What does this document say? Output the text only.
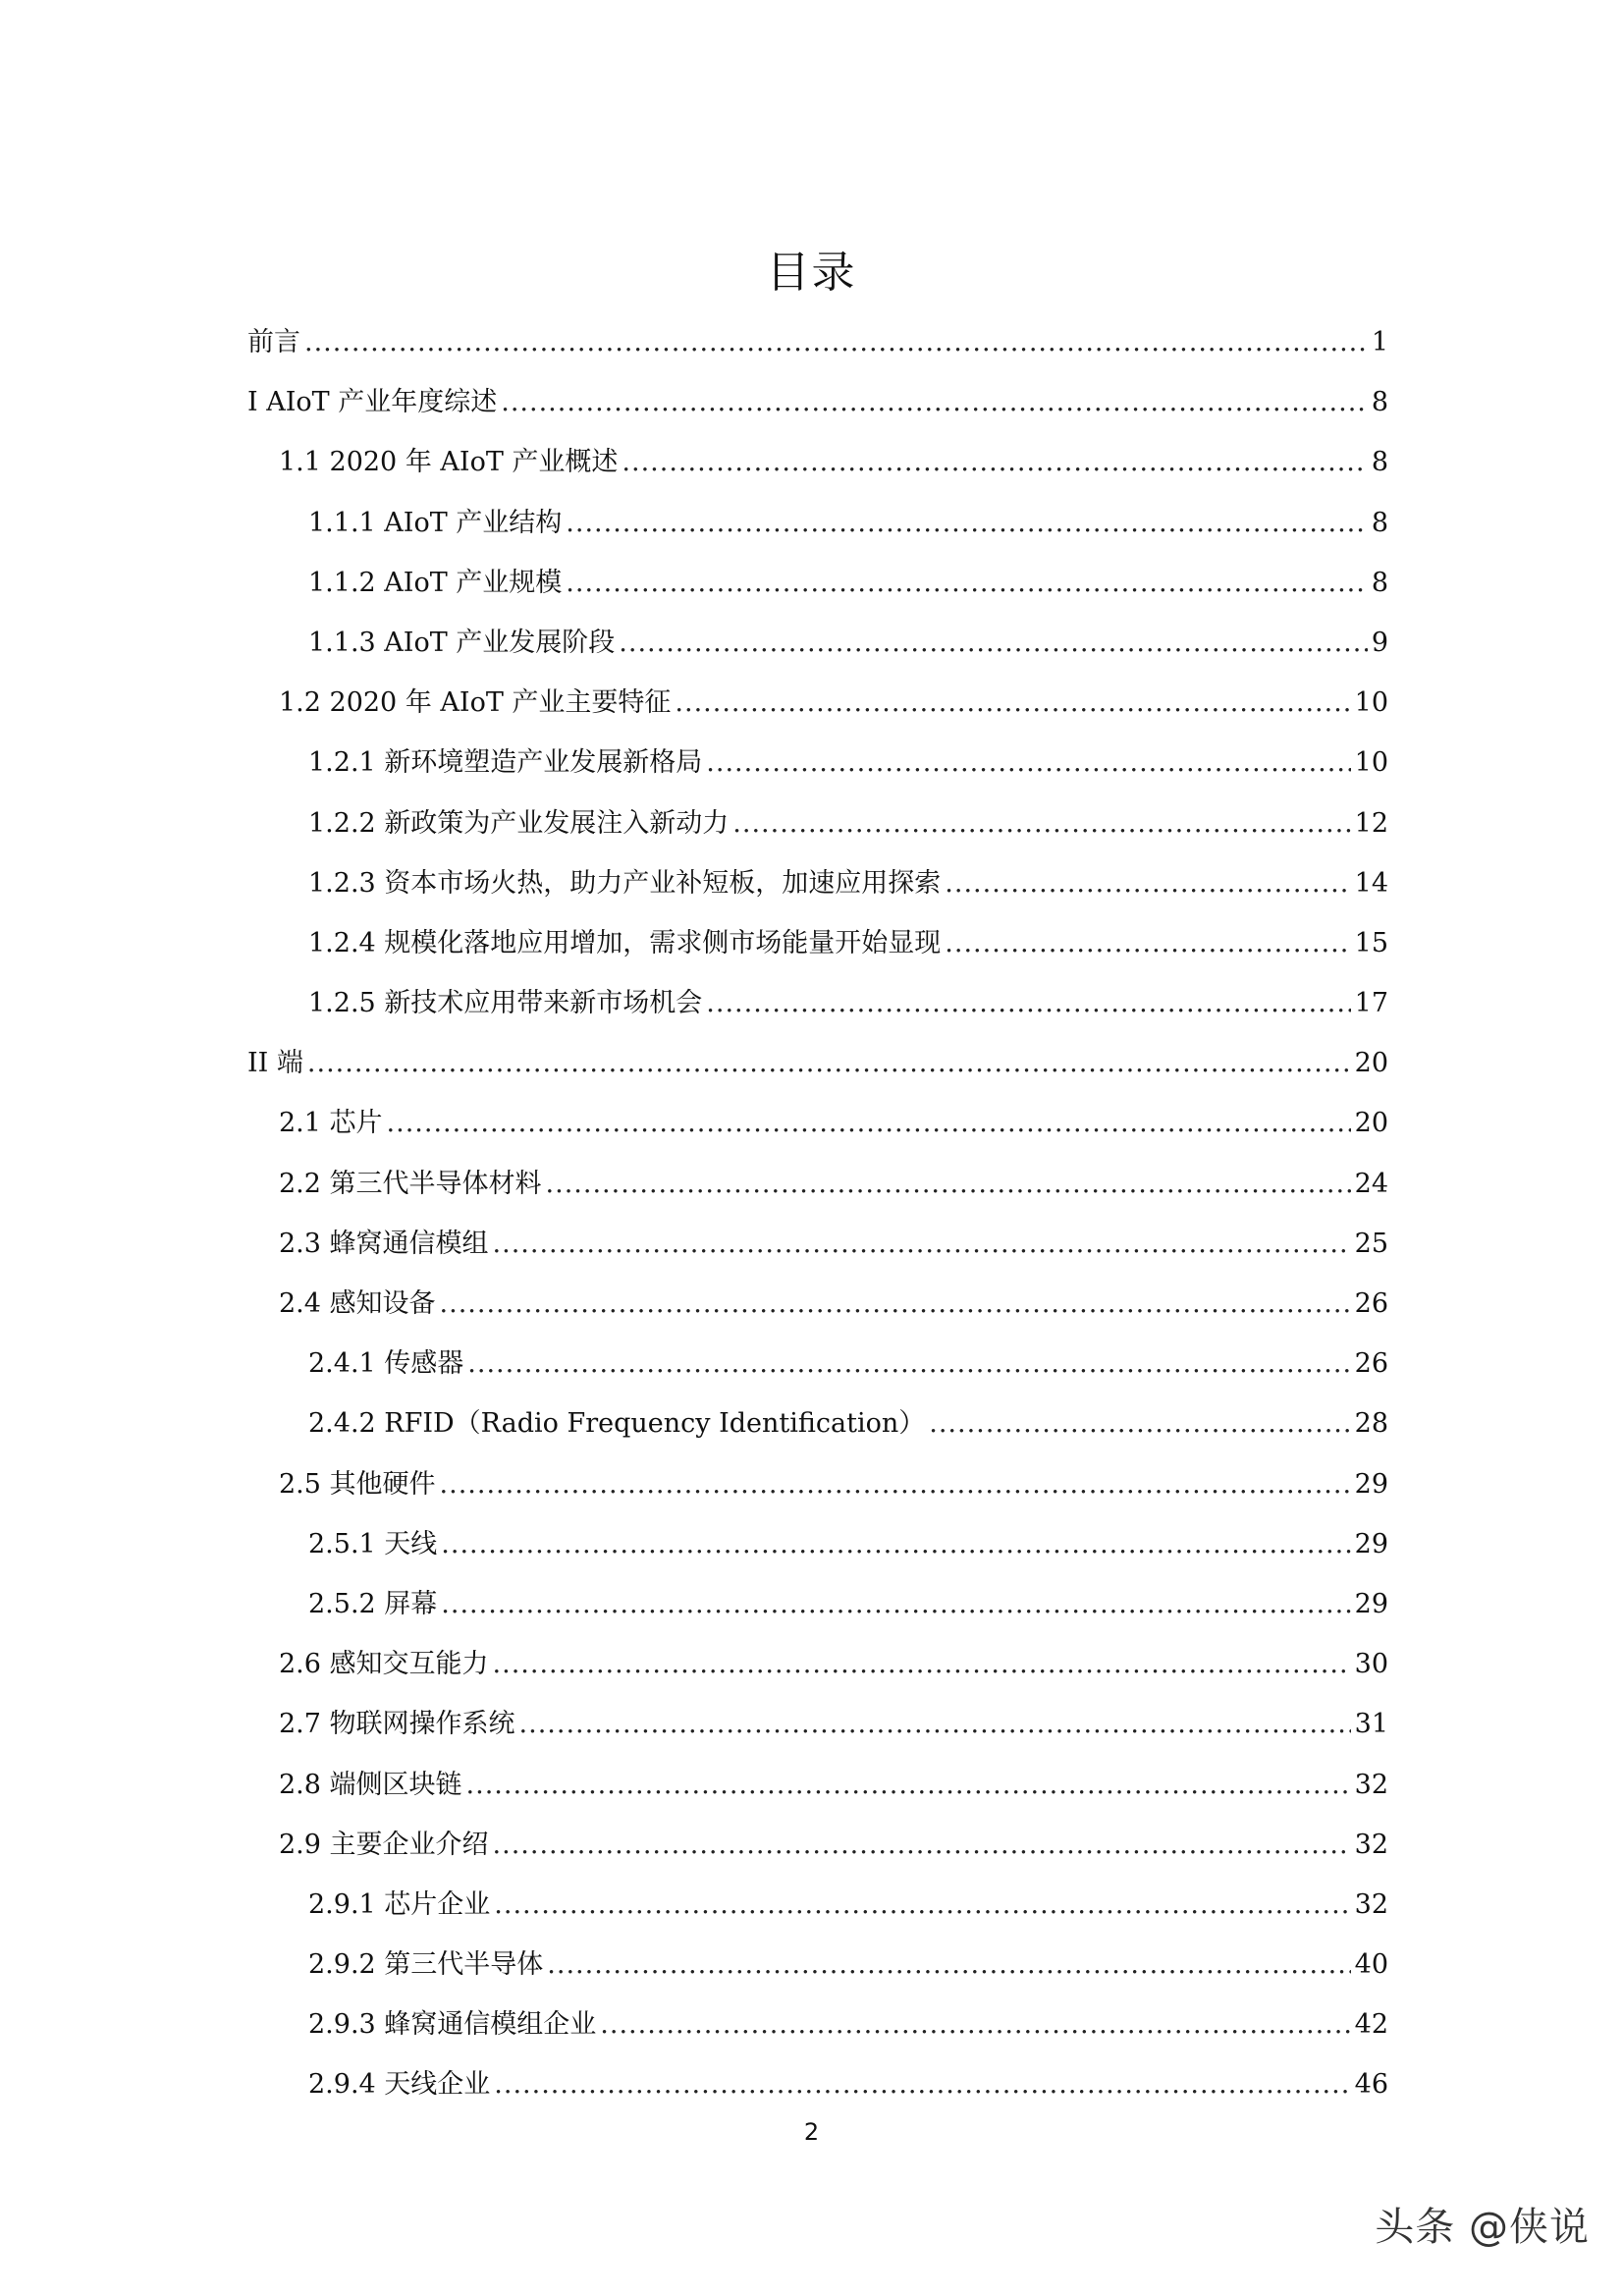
目录
前言 .....	1
I AIoT 产业年度综述 .....	8
1.1 2020 年 AIoT 产业概述 .....	8
1.1.1 AIoT 产业结构 .....	8
1.1.2 AIoT 产业规模 .....	8
1.1.3 AIoT 产业发展阶段 .....	9
1.2 2020 年 AIoT 产业主要特征 .....	10
1.2.1 新环境塑造产业发展新格局 .....	10
1.2.2 新政策为产业发展注入新动力 .....	12
1.2.3 资本市场火热，助力产业补短板，加速应用探索 .....	14
1.2.4 规模化落地应用增加，需求侧市场能量开始显现 .....	15
1.2.5 新技术应用带来新市场机会 .....	17
II 端 .....	20
2.1 芯片 .....	20
2.2 第三代半导体材料 .....	24
2.3 蜂窝通信模组 .....	25
2.4 感知设备 .....	26
2.4.1 传感器 .....	26
2.4.2 RFID（Radio Frequency Identification） .....	28
2.5 其他硬件 .....	29
2.5.1 天线 .....	29
2.5.2 屏幕 .....	29
2.6 感知交互能力 .....	30
2.7 物联网操作系统 .....	31
2.8 端侧区块链 .....	32
2.9 主要企业介绍 .....	32
2.9.1 芯片企业 .....	32
2.9.2 第三代半导体 .....	40
2.9.3 蜂窝通信模组企业 .....	42
2.9.4 天线企业 .....	46
2
头条 @侠说
